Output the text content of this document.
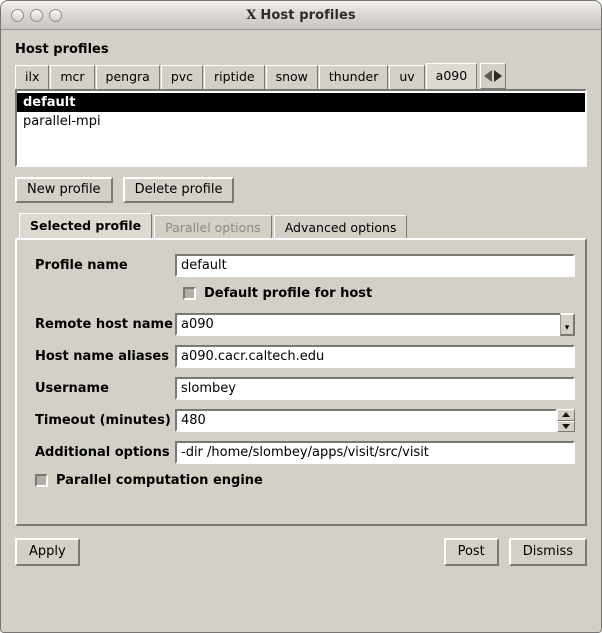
X Host profiles
Host profiles
ilx	mcr	pengra	pvc	riptide	snow	thunder	uv	a090
default
parallel-mpi
New profile	Delete profile
Selected profile	Parallel options	Advanced options
Profile name	default
Default profile for host
Remote host name a090	▾
Host name aliases a090.cacr.caltech.edu
Username	slombey
Timeout (minutes) 480
Additional options -dir /home/slombey/apps/visit/src/visit
Parallel computation engine
Apply	Post	Dismiss
